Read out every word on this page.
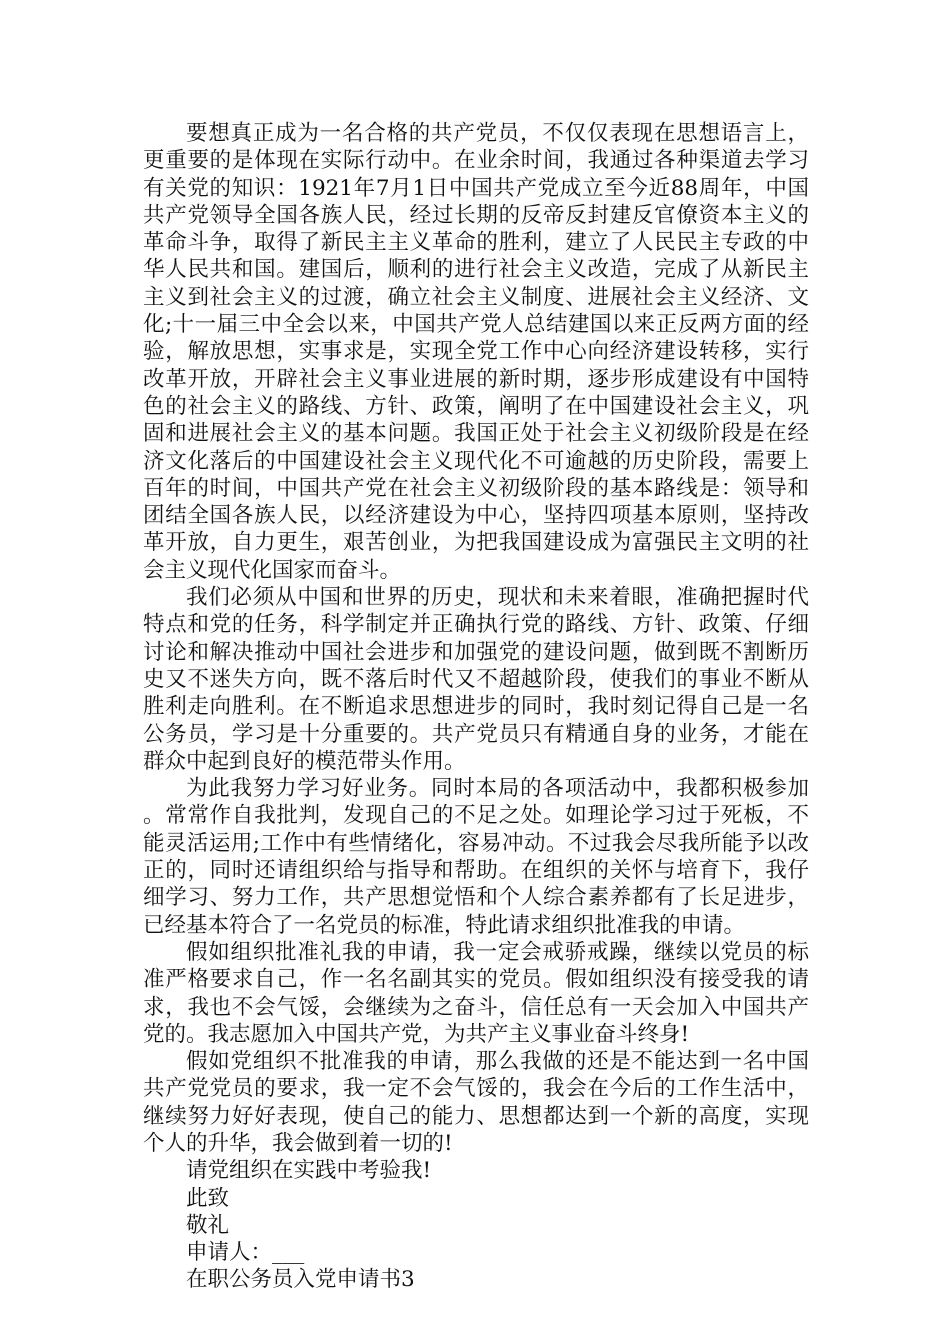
要想真正成为一名合格的共产党员，不仅仅表现在思想语言上，更重要的是体现在实际行动中。在业余时间，我通过各种渠道去学习有关党的知识：1921年7月1日中国共产党成立至今近88周年，中国共产党领导全国各族人民，经过长期的反帝反封建反官僚资本主义的革命斗争，取得了新民主主义革命的胜利，建立了人民民主专政的中华人民共和国。建国后，顺利的进行社会主义改造，完成了从新民主主义到社会主义的过渡，确立社会主义制度、进展社会主义经济、文化;十一届三中全会以来，中国共产党人总结建国以来正反两方面的经验，解放思想，实事求是，实现全党工作中心向经济建设转移，实行改革开放，开辟社会主义事业进展的新时期，逐步形成建设有中国特色的社会主义的路线、方针、政策，阐明了在中国建设社会主义，巩固和进展社会主义的基本问题。我国正处于社会主义初级阶段是在经济文化落后的中国建设社会主义现代化不可逾越的历史阶段，需要上百年的时间，中国共产党在社会主义初级阶段的基本路线是：领导和团结全国各族人民，以经济建设为中心，坚持四项基本原则，坚持改革开放，自力更生，艰苦创业，为把我国建设成为富强民主文明的社会主义现代化国家而奋斗。

我们必须从中国和世界的历史，现状和未来着眼，准确把握时代特点和党的任务，科学制定并正确执行党的路线、方针、政策、仔细讨论和解决推动中国社会进步和加强党的建设问题，做到既不割断历史又不迷失方向，既不落后时代又不超越阶段，使我们的事业不断从胜利走向胜利。在不断追求思想进步的同时，我时刻记得自己是一名公务员，学习是十分重要的。共产党员只有精通自身的业务，才能在群众中起到良好的模范带头作用。

为此我努力学习好业务。同时本局的各项活动中，我都积极参加。常常作自我批判，发现自己的不足之处。如理论学习过于死板，不能灵活运用;工作中有些情绪化，容易冲动。不过我会尽我所能予以改正的，同时还请组织给与指导和帮助。在组织的关怀与培育下，我仔细学习、努力工作，共产思想觉悟和个人综合素养都有了长足进步，已经基本符合了一名党员的标准，特此请求组织批准我的申请。

假如组织批准礼我的申请，我一定会戒骄戒躁，继续以党员的标准严格要求自己，作一名名副其实的党员。假如组织没有接受我的请求，我也不会气馁，会继续为之奋斗，信任总有一天会加入中国共产党的。我志愿加入中国共产党，为共产主义事业奋斗终身!

假如党组织不批准我的申请，那么我做的还是不能达到一名中国共产党党员的要求，我一定不会气馁的，我会在今后的工作生活中，继续努力好好表现，使自己的能力、思想都达到一个新的高度，实现个人的升华，我会做到着一切的!

请党组织在实践中考验我!

此致

敬礼

申请人：___

在职公务员入党申请书3
